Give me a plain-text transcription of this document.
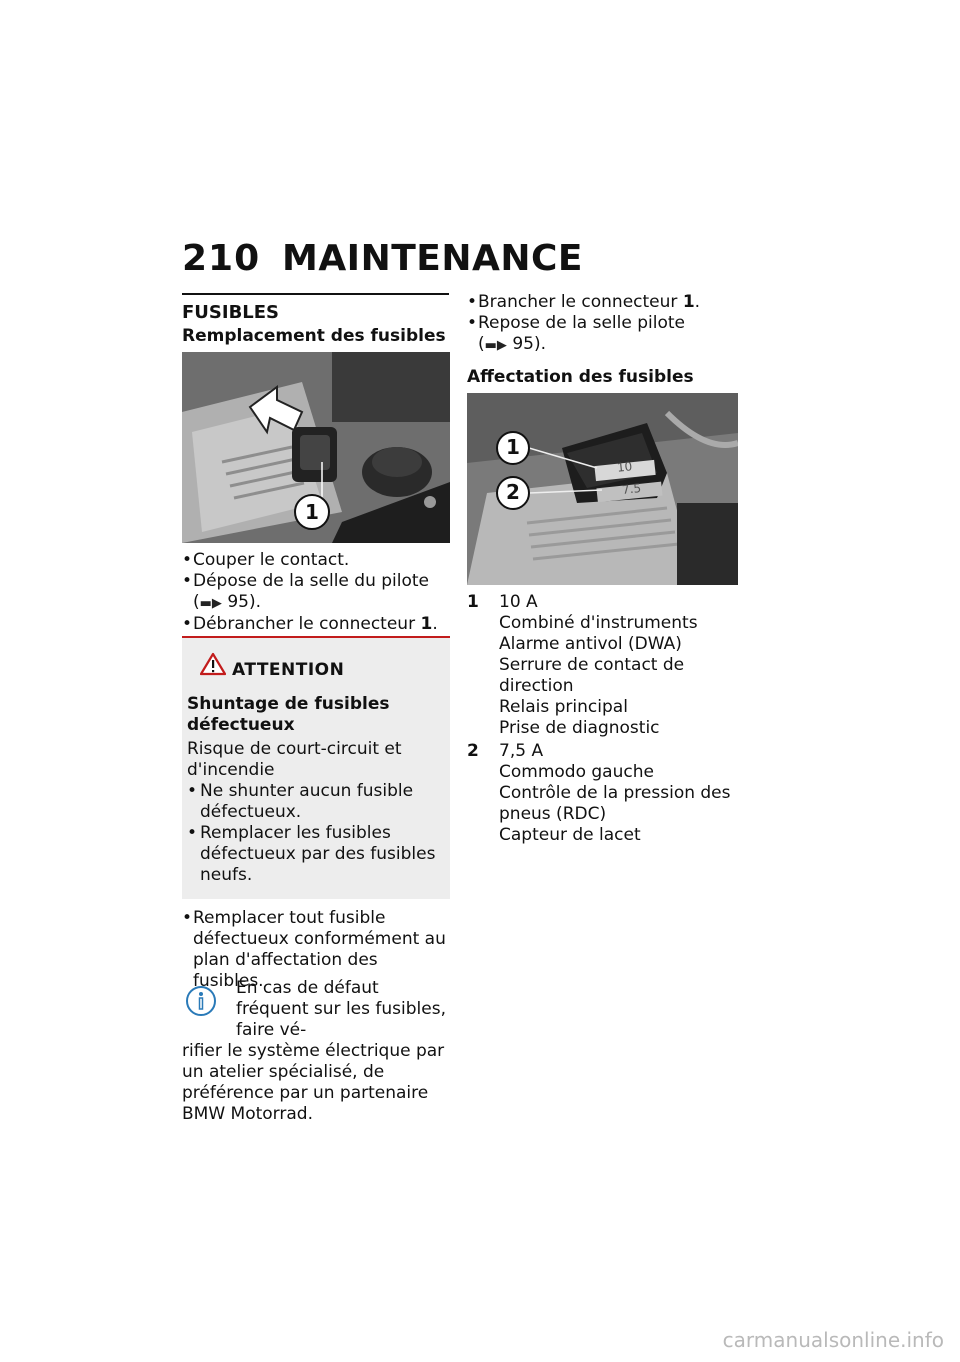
210 MAINTENANCE
FUSIBLES
Remplacement des fusibles
1
• Couper le contact.
• Dépose de la selle du pilote
(▬▶ 95).
• Débrancher le connecteur 1.
ATTENTION
Shuntage de fusibles défectueux
Risque de court-circuit et d'incendie
• Ne shunter aucun fusible défectueux.
• Remplacer les fusibles défectueux par des fusibles neufs.
• Remplacer tout fusible défectueux conformément au plan d'affectation des fusibles.
En cas de défaut fréquent sur les fusibles, faire vé-
rifier le système électrique par un atelier spécialisé, de préférence par un partenaire BMW Motorrad.
• Brancher le connecteur 1.
• Repose de la selle pilote
(▬▶ 95).
Affectation des fusibles
1
2
10
7.5
1	10 A
Combiné d'instruments
Alarme antivol (DWA)
Serrure de contact de direction
Relais principal
Prise de diagnostic
2	7,5 A
Commodo gauche
Contrôle de la pression des pneus (RDC)
Capteur de lacet
carmanualsonline.info
